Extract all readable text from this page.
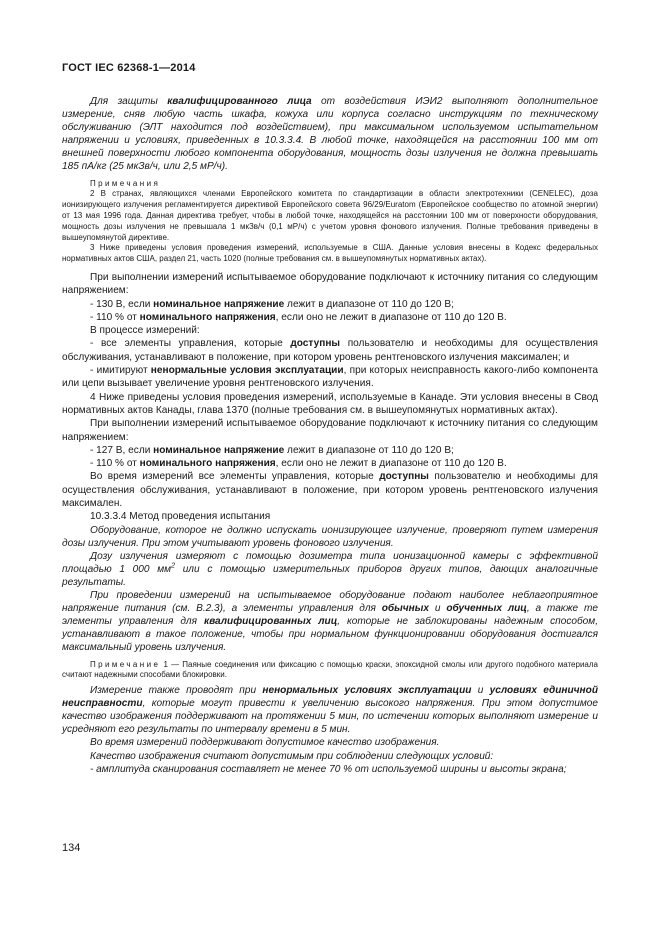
ГОСТ IEC 62368-1—2014

Для защиты квалифицированного лица от воздействия ИЭИ2 выполняют дополнительное измерение, сняв любую часть шкафа, кожуха или корпуса согласно инструкциям по техническому обслуживанию (ЭЛТ находится под воздействием), при максимальном используемом испытательном напряжении и условиях, приведенных в 10.3.3.4. В любой точке, находящейся на расстоянии 100 мм от внешней поверхности любого компонента оборудования, мощность дозы излучения не должна превышать 185 пА/кг (25 мкЗв/ч, или 2,5 мР/ч).

Примечания

2 В странах, являющихся членами Европейского комитета по стандартизации в области электротехники (CENELEC), доза ионизирующего излучения регламентируется директивой Европейского совета 96/29/Euratom (Европейское сообщество по атомной энергии) от 13 мая 1996 года. Данная директива требует, чтобы в любой точке, находящейся на расстоянии 100 мм от поверхности оборудования, мощность дозы излучения не превышала 1 мкЗв/ч (0,1 мР/ч) с учетом уровня фонового излучения. Полные требования приведены в вышеупомянутой директиве.

3 Ниже приведены условия проведения измерений, используемые в США. Данные условия внесены в Кодекс федеральных нормативных актов США, раздел 21, часть 1020 (полные требования см. в вышеупомянутых нормативных актах).

При выполнении измерений испытываемое оборудование подключают к источнику питания со следующим напряжением:

- 130 В, если номинальное напряжение лежит в диапазоне от 110 до 120 В;

- 110 % от номинального напряжения, если оно не лежит в диапазоне от 110 до 120 В.

В процессе измерений:

- все элементы управления, которые доступны пользователю и необходимы для осуществления обслуживания, устанавливают в положение, при котором уровень рентгеновского излучения максимален; и

- имитируют ненормальные условия эксплуатации, при которых неисправность какого-либо компонента или цепи вызывает увеличение уровня рентгеновского излучения.

4 Ниже приведены условия проведения измерений, используемые в Канаде. Эти условия внесены в Свод нормативных актов Канады, глава 1370 (полные требования см. в вышеупомянутых нормативных актах).

При выполнении измерений испытываемое оборудование подключают к источнику питания со следующим напряжением:

- 127 В, если номинальное напряжение лежит в диапазоне от 110 до 120 В;

- 110 % от номинального напряжения, если оно не лежит в диапазоне от 110 до 120 В.

Во время измерений все элементы управления, которые доступны пользователю и необходимы для осуществления обслуживания, устанавливают в положение, при котором уровень рентгеновского излучения максимален.

10.3.3.4 Метод проведения испытания

Оборудование, которое не должно испускать ионизирующее излучение, проверяют путем измерения дозы излучения. При этом учитывают уровень фонового излучения.

Дозу излучения измеряют с помощью дозиметра типа ионизационной камеры с эффективной площадью 1 000 $мм^2$ или с помощью измерительных приборов других типов, дающих аналогичные результаты.

При проведении измерений на испытываемое оборудование подают наиболее неблагоприятное напряжение питания (см. В.2.3), а элементы управления для обычных и обученных лиц, а также те элементы управления для квалифицированных лиц, которые не заблокированы надежным способом, устанавливают в такое положение, чтобы при нормальном функционировании оборудования достигался максимальный уровень излучения.

Примечание 1 — Паяные соединения или фиксацию с помощью краски, эпоксидной смолы или другого подобного материала считают надежными способами блокировки.

Измерение также проводят при ненормальных условиях эксплуатации и условиях единичной неисправности, которые могут привести к увеличению высокого напряжения. При этом допустимое качество изображения поддерживают на протяжении 5 мин, по истечении которых выполняют измерение и усредняют его результаты по интервалу времени в 5 мин.

Во время измерений поддерживают допустимое качество изображения.

Качество изображения считают допустимым при соблюдении следующих условий:

- амплитуда сканирования составляет не менее 70 % от используемой ширины и высоты экрана;

134
